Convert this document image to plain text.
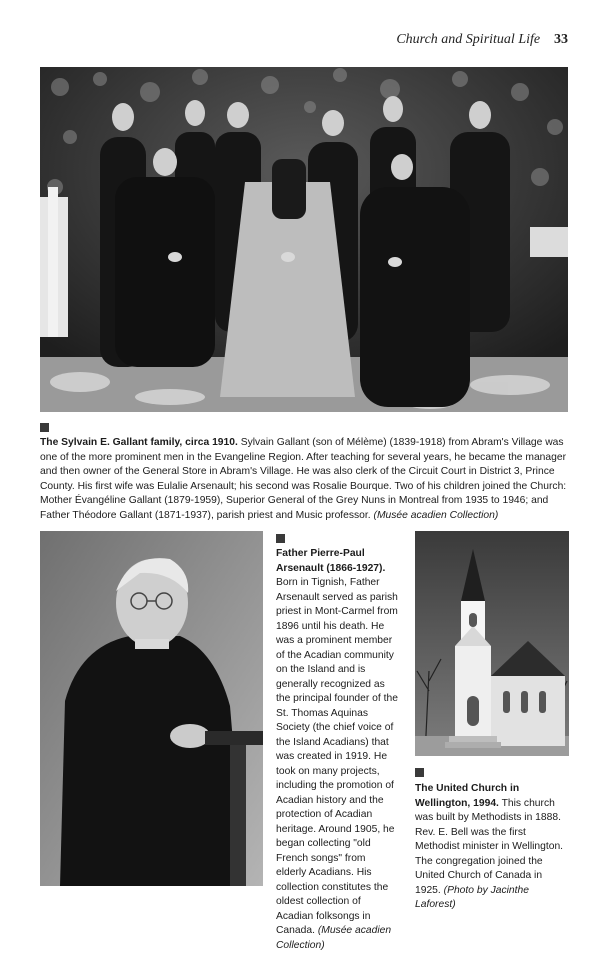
Church and Spiritual Life 33
The Sylvain E. Gallant family, circa 1910. Sylvain Gallant (son of Mélème) (1839-1918) from Abram's Village was one of the more prominent men in the Evangeline Region. After teaching for several years, he became the manager and then owner of the General Store in Abram's Village. He was also clerk of the Circuit Court in District 3, Prince County. His first wife was Eulalie Arsenault; his second was Rosalie Bourque. Two of his children joined the Church: Mother Évangéline Gallant (1879-1959), Superior General of the Grey Nuns in Montreal from 1935 to 1946; and Father Théodore Gallant (1871-1937), parish priest and Music professor. (Musée acadien Collection)
Father Pierre-Paul Arsenault (1866-1927). Born in Tignish, Father Arsenault served as parish priest in Mont-Carmel from 1896 until his death. He was a prominent member of the Acadian community on the Island and is generally recognized as the principal founder of the St. Thomas Aquinas Society (the chief voice of the Island Acadians) that was created in 1919. He took on many projects, including the promotion of Acadian history and the protection of Acadian heritage. Around 1905, he began collecting "old French songs" from elderly Acadians. His collection constitutes the oldest collection of Acadian folksongs in Canada. (Musée acadien Collection)
The United Church in Wellington, 1994. This church was built by Methodists in 1888. Rev. E. Bell was the first Methodist minister in Wellington. The congregation joined the United Church of Canada in 1925. (Photo by Jacinthe Laforest)
